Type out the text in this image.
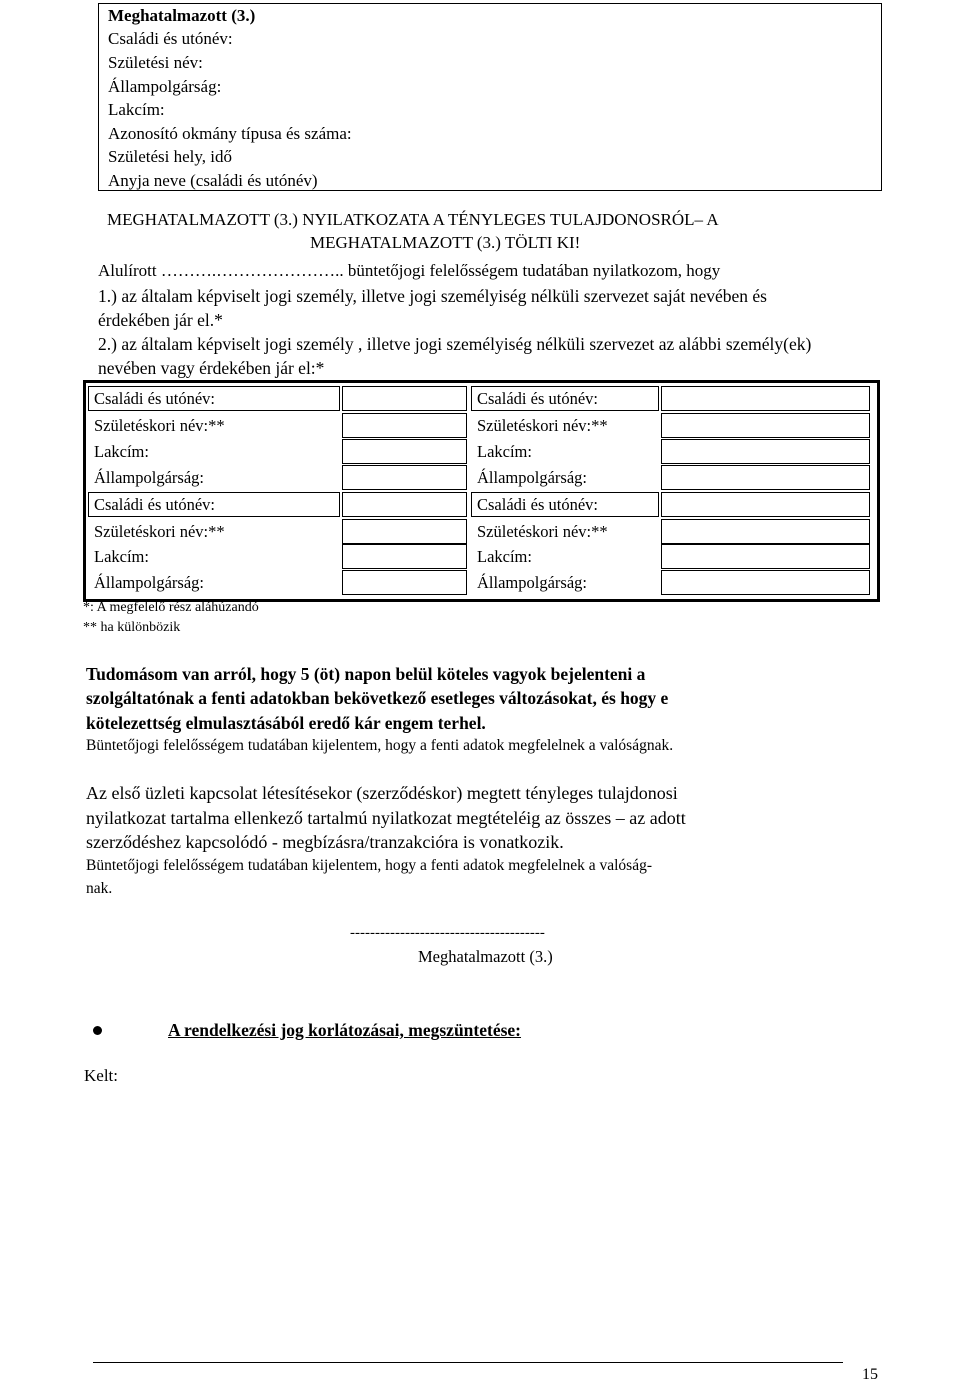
Meghatalmazott (3.)
Családi és utónév:
Születési név:
Állampolgárság:
Lakcím:
Azonosító okmány típusa és száma:
Születési hely, idő
Anyja neve (családi és utónév)
MEGHATALMAZOTT (3.) NYILATKOZATA A TÉNYLEGES TULAJDONOSRÓL– A
MEGHATALMAZOTT (3.) TÖLTI KI!
Alulírott ……….………………….. büntetőjogi felelősségem tudatában nyilatkozom, hogy
1.) az általam képviselt jogi személy, illetve jogi személyiség nélküli szervezet saját nevében és
érdekében jár el.*
2.) az általam képviselt jogi személy , illetve jogi személyiség nélküli szervezet az alábbi személy(ek)
nevében vagy érdekében jár el:*
Családi és utónév:
Születéskori név:**
Lakcím:
Állampolgárság:
Családi és utónév:
Születéskori név:**
Lakcím:
Állampolgárság:
Családi és utónév:
Születéskori név:**
Lakcím:
Állampolgárság:
Családi és utónév:
Születéskori név:**
Lakcím:
Állampolgárság:
*: A megfelelő rész aláhúzandó
** ha különbözik
Tudomásom van arról, hogy 5 (öt) napon belül köteles vagyok bejelenteni a
szolgáltatónak a fenti adatokban bekövetkező esetleges változásokat, és hogy e
kötelezettség elmulasztásából eredő kár engem terhel.
Büntetőjogi felelősségem tudatában kijelentem, hogy a fenti adatok megfelelnek a valóságnak.
Az első üzleti kapcsolat létesítésekor (szerződéskor) megtett tényleges tulajdonosi
nyilatkozat tartalma ellenkező tartalmú nyilatkozat megtételéig az összes – az adott
szerződéshez kapcsolódó - megbízásra/tranzakcióra is vonatkozik.
Büntetőjogi felelősségem tudatában kijelentem, hogy a fenti adatok megfelelnek a valóság-
nak.
---------------------------------------
Meghatalmazott (3.)
A rendelkezési jog korlátozásai, megszüntetése:
Kelt:
15
